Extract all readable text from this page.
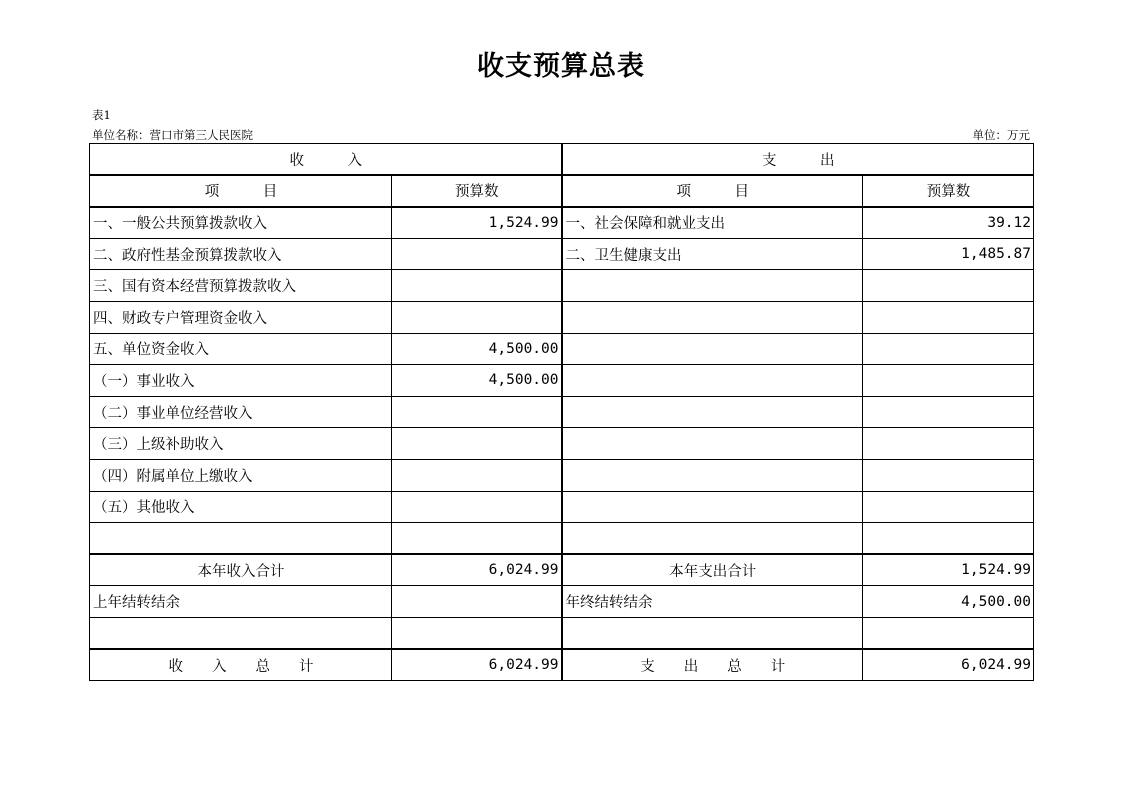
收支预算总表
表1
单位名称：营口市第三人民医院	单位：万元
收　　　入		支　　　出	
项　　　目	预算数	项　　　目	预算数
一、一般公共预算拨款收入	1,524.99	一、社会保障和就业支出	39.12
二、政府性基金预算拨款收入		二、卫生健康支出	1,485.87
三、国有资本经营预算拨款收入			
四、财政专户管理资金收入			
五、单位资金收入	4,500.00		
（一）事业收入	4,500.00		
（二）事业单位经营收入			
（三）上级补助收入			
（四）附属单位上缴收入			
（五）其他收入			

本年收入合计	6,024.99	本年支出合计	1,524.99
上年结转结余		年终结转结余	4,500.00

收　　入　　总　　计	6,024.99	支　　出　　总　　计	6,024.99
